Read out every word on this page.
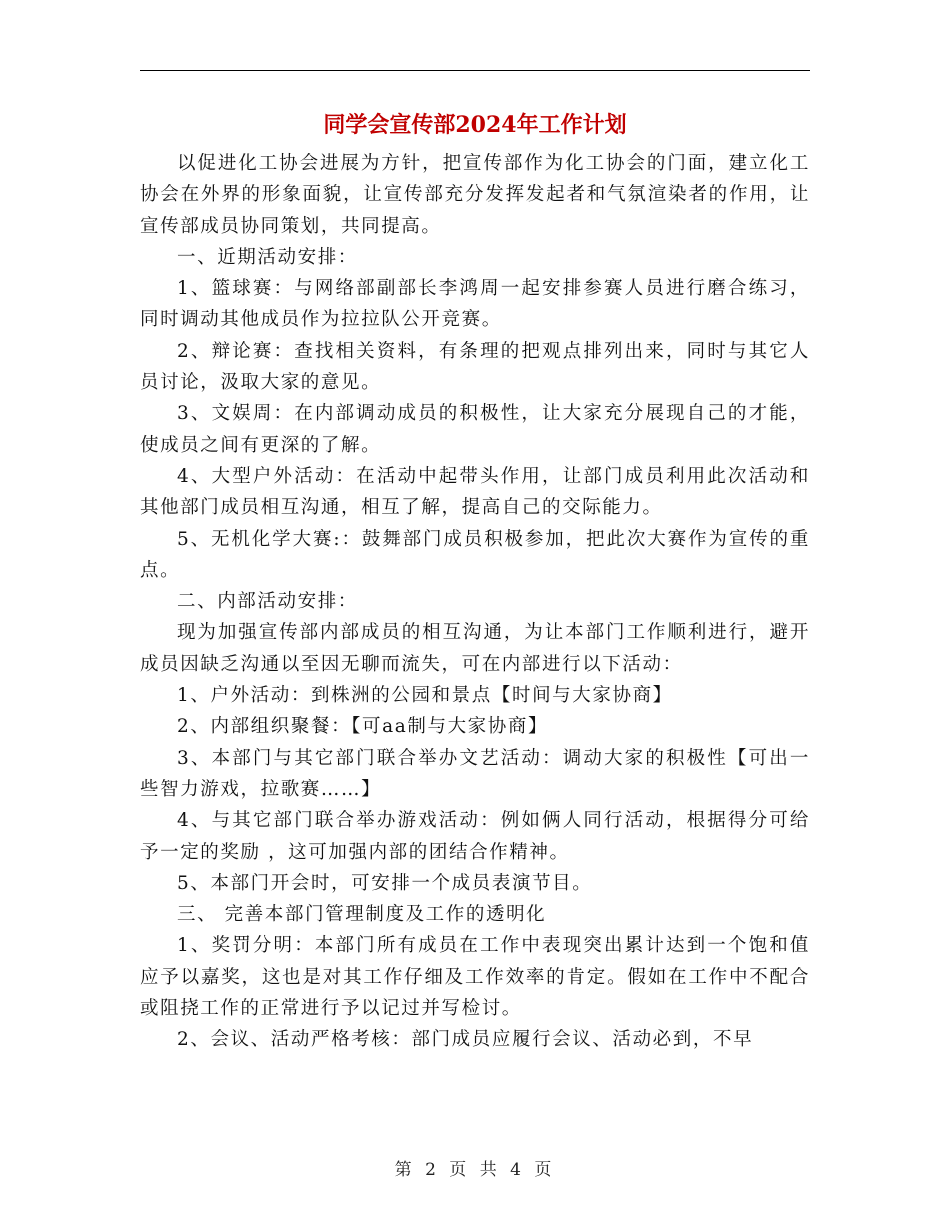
同学会宣传部2024年工作计划

以促进化工协会进展为方针，把宣传部作为化工协会的门面，建立化工协会在外界的形象面貌，让宣传部充分发挥发起者和气氛渲染者的作用，让宣传部成员协同策划，共同提高。

一、近期活动安排：

1、篮球赛：与网络部副部长李鸿周一起安排参赛人员进行磨合练习，同时调动其他成员作为拉拉队公开竞赛。

2、辩论赛：查找相关资料，有条理的把观点排列出来，同时与其它人员讨论，汲取大家的意见。

3、文娱周：在内部调动成员的积极性，让大家充分展现自己的才能，使成员之间有更深的了解。

4、大型户外活动：在活动中起带头作用，让部门成员利用此次活动和其他部门成员相互沟通，相互了解，提高自己的交际能力。

5、无机化学大赛:：鼓舞部门成员积极参加，把此次大赛作为宣传的重点。

二、内部活动安排：

现为加强宣传部内部成员的相互沟通，为让本部门工作顺利进行，避开成员因缺乏沟通以至因无聊而流失，可在内部进行以下活动：

1、户外活动：到株洲的公园和景点【时间与大家协商】

2、内部组织聚餐：【可aa制与大家协商】

3、本部门与其它部门联合举办文艺活动：调动大家的积极性【可出一些智力游戏，拉歌赛……】

4、与其它部门联合举办游戏活动：例如俩人同行活动，根据得分可给予一定的奖励 ，这可加强内部的团结合作精神。

5、本部门开会时，可安排一个成员表演节目。

三、 完善本部门管理制度及工作的透明化

1、奖罚分明：本部门所有成员在工作中表现突出累计达到一个饱和值应予以嘉奖，这也是对其工作仔细及工作效率的肯定。假如在工作中不配合或阻挠工作的正常进行予以记过并写检讨。

2、会议、活动严格考核：部门成员应履行会议、活动必到，不早

第 2 页 共 4 页
